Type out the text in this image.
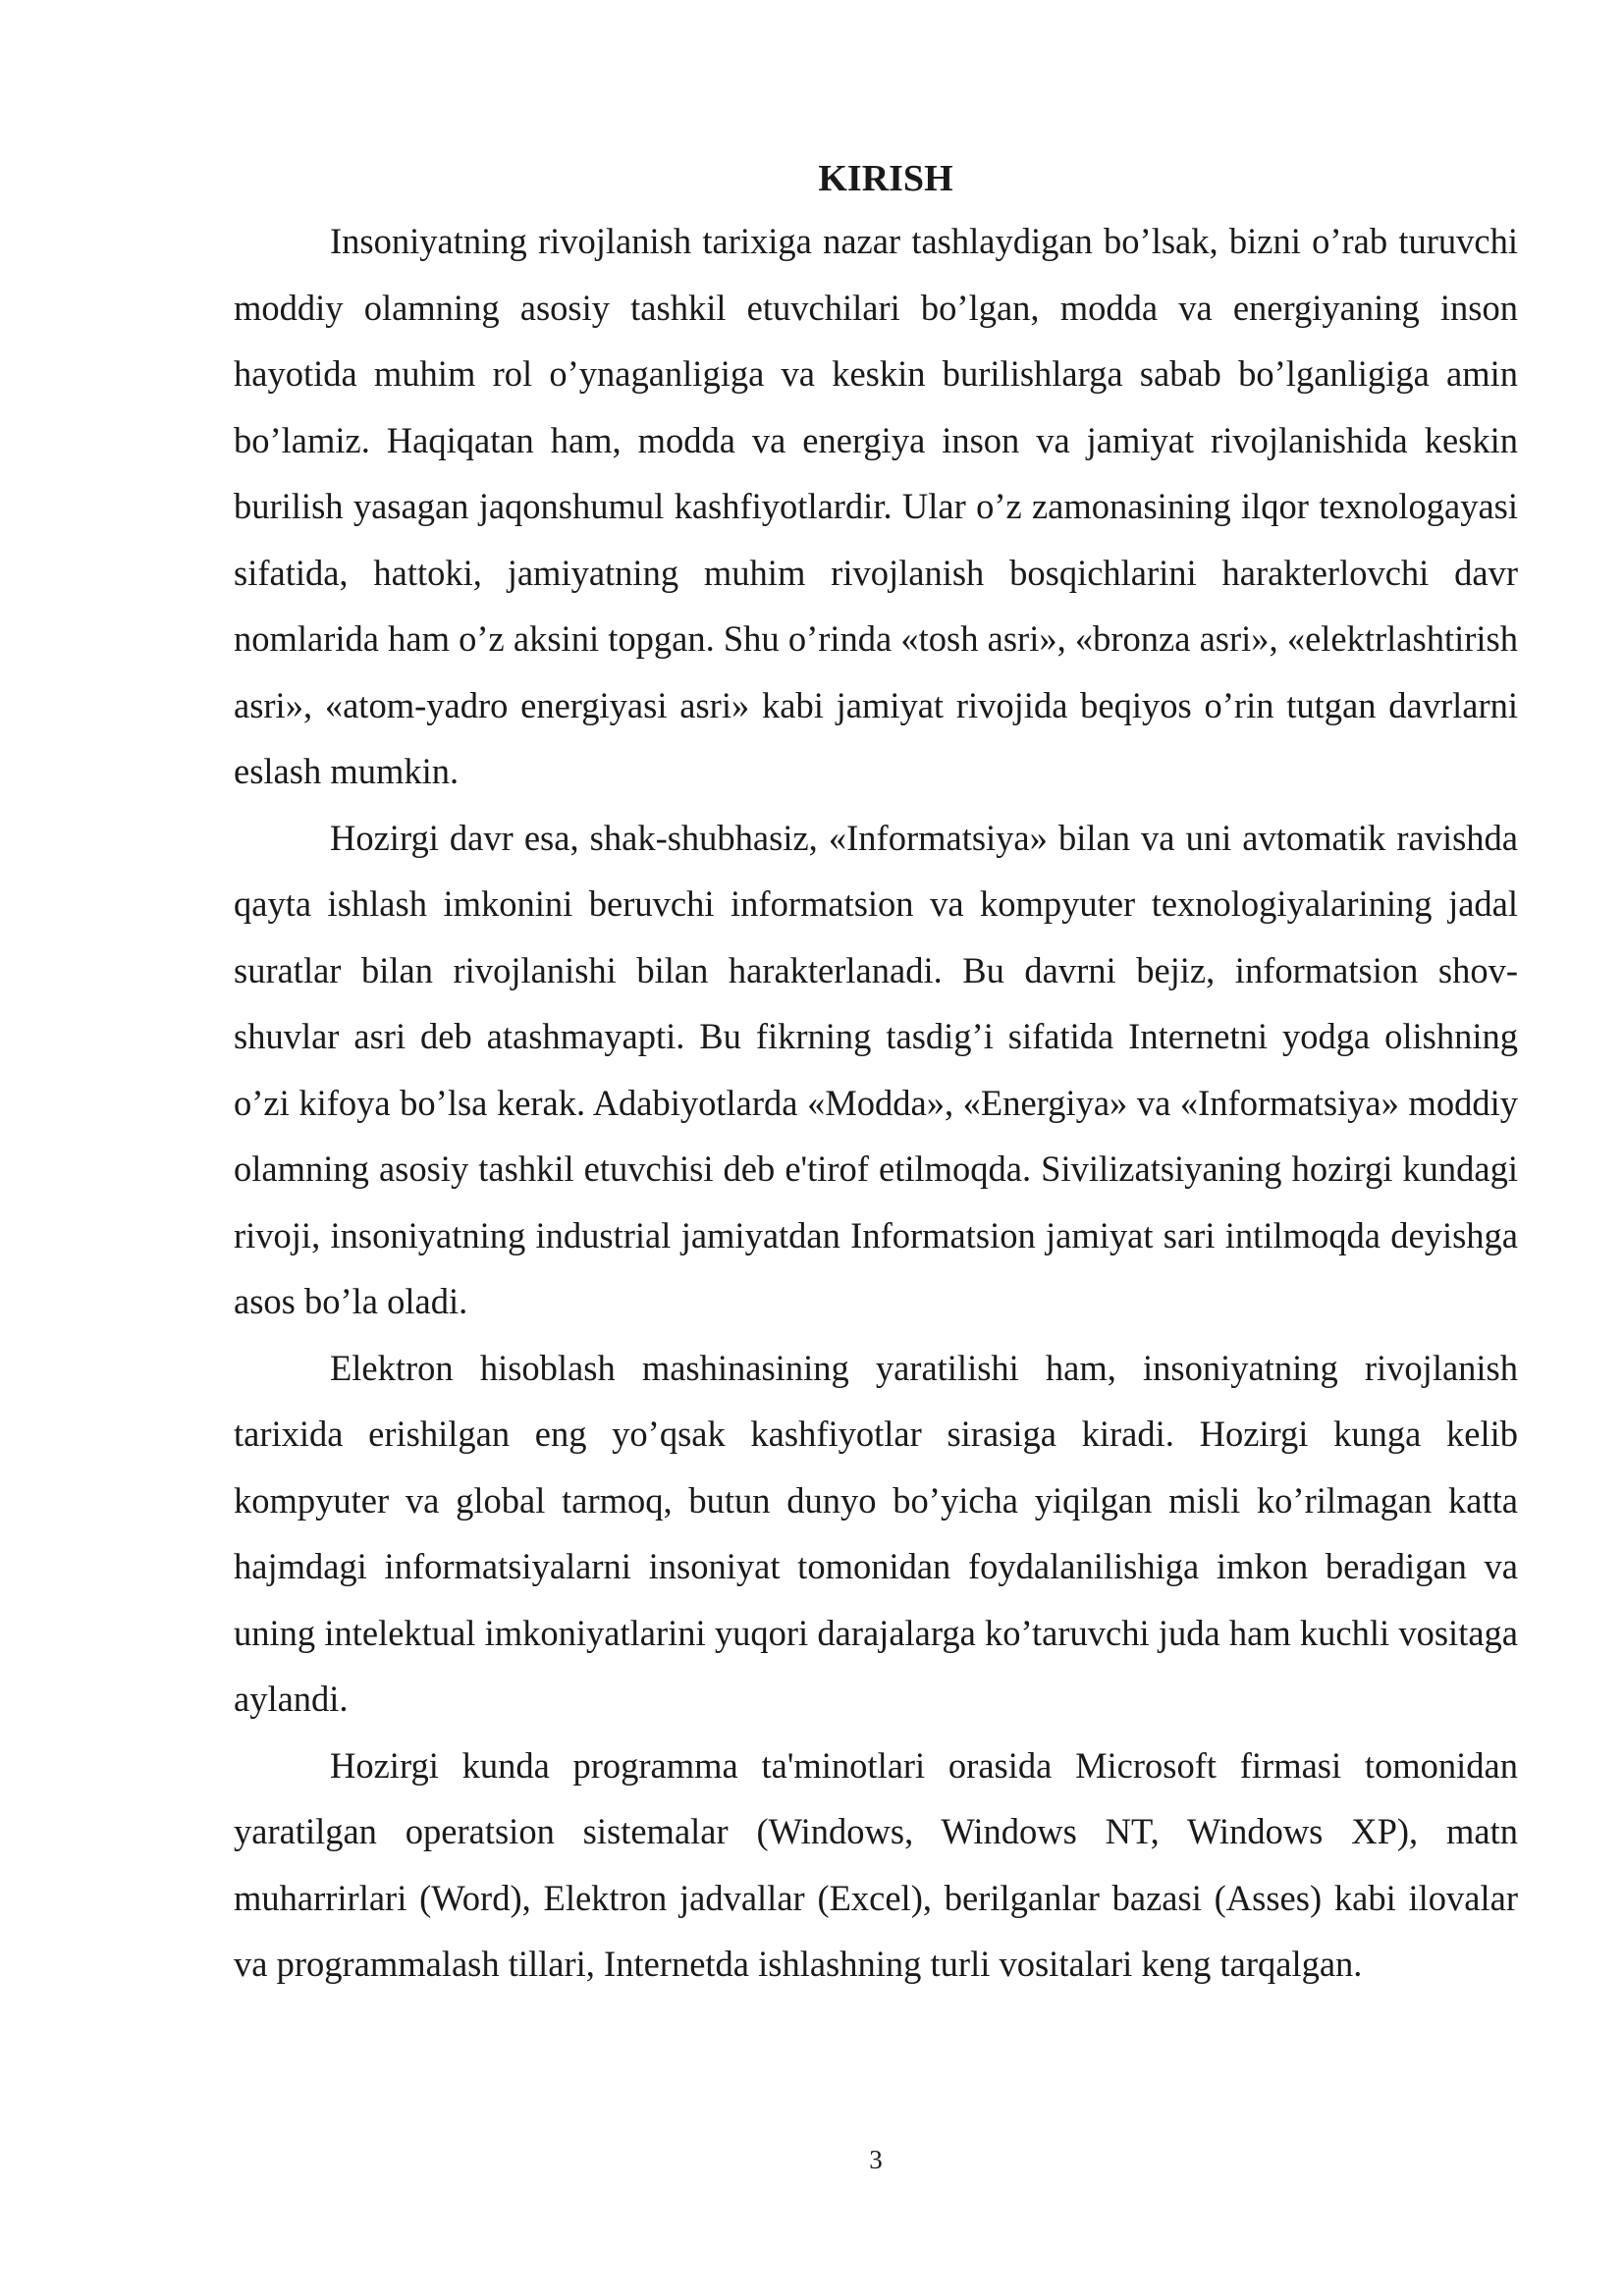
KIRISH

Insoniyatning rivojlanish tarixiga nazar tashlaydigan bo’lsak, bizni o’rab turuvchi moddiy olamning asosiy tashkil etuvchilari bo’lgan, modda va energiyaning inson hayotida muhim rol o’ynaganligiga va keskin burilishlarga sabab bo’lganligiga amin bo’lamiz. Haqiqatan ham, modda va energiya inson va jamiyat rivojlanishida keskin burilish yasagan jaqonshumul kashfiyotlardir. Ular o’z zamonasining ilqor texnologayasi sifatida, hattoki, jamiyatning muhim rivojlanish bosqichlarini harakterlovchi davr nomlarida ham o’z aksini topgan. Shu o’rinda «tosh asri», «bronza asri», «elektrlashtirish asri», «atom-yadro energiyasi asri» kabi jamiyat rivojida beqiyos o’rin tutgan davrlarni eslash mumkin.

Hozirgi davr esa, shak-shubhasiz, «Informatsiya» bilan va uni avtomatik ravishda qayta ishlash imkonini beruvchi informatsion va kompyuter texnologiyalarining jadal suratlar bilan rivojlanishi bilan harakterlanadi. Bu davrni bejiz, informatsion shov-shuvlar asri deb atashmayapti. Bu fikrning tasdig’i sifatida Internetni yodga olishning o’zi kifoya bo’lsa kerak. Adabiyotlarda «Modda», «Energiya» va «Informatsiya» moddiy olamning asosiy tashkil etuvchisi deb e'tirof etilmoqda. Sivilizatsiyaning hozirgi kundagi rivoji, insoniyatning industrial jamiyatdan Informatsion jamiyat sari intilmoqda deyishga asos bo’la oladi.

Elektron hisoblash mashinasining yaratilishi ham, insoniyatning rivojlanish tarixida erishilgan eng yo’qsak kashfiyotlar sirasiga kiradi. Hozirgi kunga kelib kompyuter va global tarmoq, butun dunyo bo’yicha yiqilgan misli ko’rilmagan katta hajmdagi informatsiyalarni insoniyat tomonidan foydalanilishiga imkon beradigan va uning intelektual imkoniyatlarini yuqori darajalarga ko’taruvchi juda ham kuchli vositaga aylandi.

Hozirgi kunda programma ta'minotlari orasida Microsoft firmasi tomonidan yaratilgan operatsion sistemalar (Windows, Windows NT, Windows XP), matn muharrirlari (Word), Elektron jadvallar (Excel), berilganlar bazasi (Asses) kabi ilovalar va programmalash tillari, Internetda ishlashning turli vositalari keng tarqalgan.

3
